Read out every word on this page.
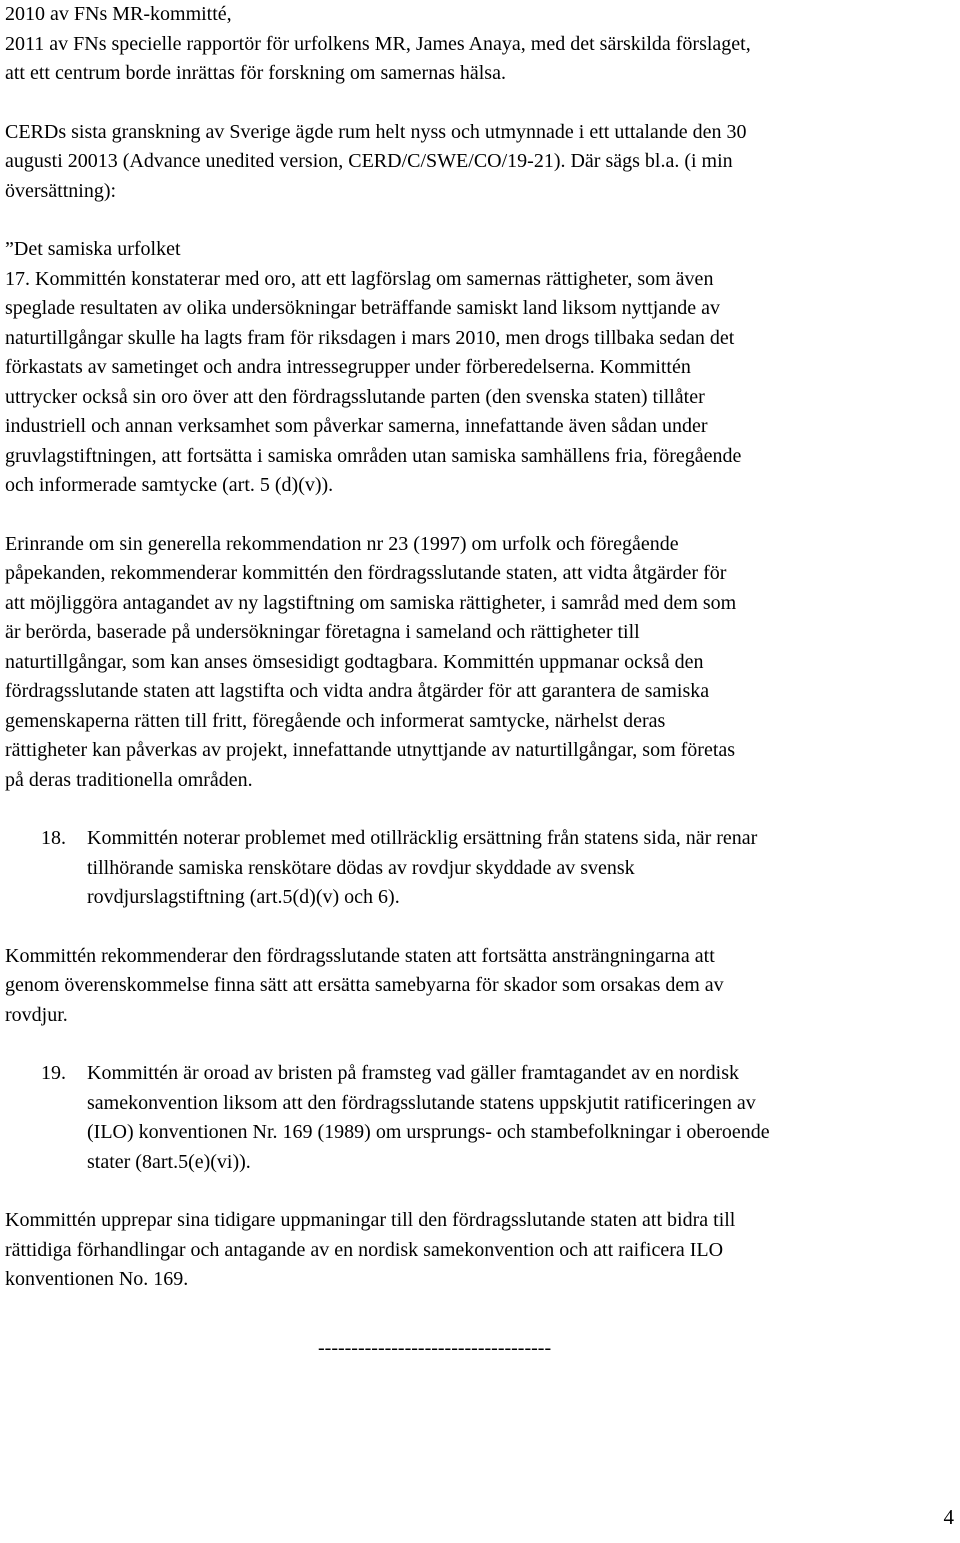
2010 av FNs MR-kommitté,
2011 av FNs specielle rapportör för urfolkens MR, James Anaya, med det särskilda förslaget,
att ett centrum borde inrättas för forskning om samernas hälsa.
CERDs sista granskning av Sverige ägde rum helt nyss och utmynnade i ett uttalande den 30
augusti 20013 (Advance unedited version, CERD/C/SWE/CO/19-21). Där sägs bl.a. (i min
översättning):
”Det samiska urfolket
17. Kommittén konstaterar med oro, att ett lagförslag om samernas rättigheter, som även
speglade resultaten av olika undersökningar beträffande samiskt land liksom nyttjande av
naturtillgångar skulle ha lagts fram för riksdagen i mars 2010, men drogs tillbaka sedan det
förkastats av sametinget och andra intressegrupper under förberedelserna. Kommittén
uttrycker också sin oro över att den fördragsslutande parten (den svenska staten) tillåter
industriell och annan verksamhet som påverkar samerna, innefattande även sådan under
gruvlagstiftningen, att fortsätta i samiska områden utan samiska samhällens fria, föregående
och informerade samtycke (art. 5 (d)(v)).
Erinrande om sin generella rekommendation nr 23 (1997) om urfolk och föregående
påpekanden, rekommenderar kommittén den fördragsslutande staten, att vidta åtgärder för
att möjliggöra antagandet av ny lagstiftning om samiska rättigheter, i samråd med dem som
är berörda, baserade på undersökningar företagna i sameland och rättigheter till
naturtillgångar, som kan anses ömsesidigt godtagbara. Kommittén uppmanar också den
fördragsslutande staten att lagstifta och vidta andra åtgärder för att garantera de samiska
gemenskaperna rätten till fritt, föregående och informerat samtycke, närhelst deras
rättigheter kan påverkas av projekt, innefattande utnyttjande av naturtillgångar, som företas
på deras traditionella områden.
18. Kommittén noterar problemet med otillräcklig ersättning från statens sida, när renar
tillhörande samiska renskötare dödas av rovdjur skyddade av svensk
rovdjurslagstiftning (art.5(d)(v) och 6).
Kommittén rekommenderar den fördragsslutande staten att fortsätta ansträngningarna att
genom överenskommelse finna sätt att ersätta samebyarna för skador som orsakas dem av
rovdjur.
19. Kommittén är oroad av bristen på framsteg vad gäller framtagandet av en nordisk
samekonvention liksom att den fördragsslutande statens uppskjutit ratificeringen av
(ILO) konventionen Nr. 169 (1989) om ursprungs- och stambefolkningar i oberoende
stater (8art.5(e)(vi)).
Kommittén upprepar sina tidigare uppmaningar till den fördragsslutande staten att bidra till
rättidiga förhandlingar och antagande av en nordisk samekonvention och att raificera ILO
konventionen No. 169.
-----------------------------------
4
